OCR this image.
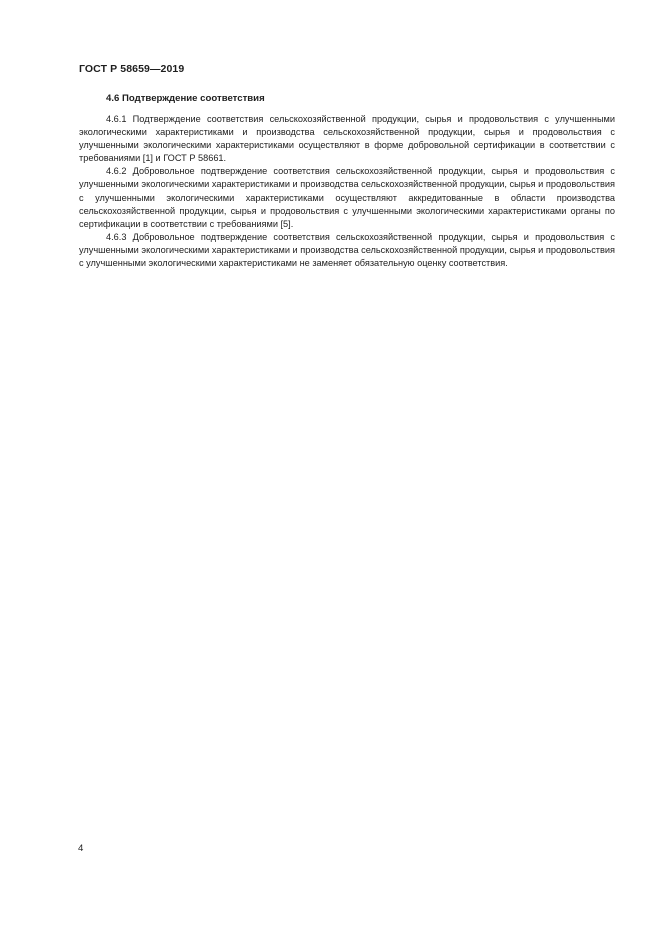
ГОСТ Р 58659—2019
4.6 Подтверждение соответствия

4.6.1 Подтверждение соответствия сельскохозяйственной продукции, сырья и продовольствия с улучшенными экологическими характеристиками и производства сельскохозяйственной продукции, сырья и продовольствия с улучшенными экологическими характеристиками осуществляют в форме добровольной сертификации в соответствии с требованиями [1] и ГОСТ Р 58661.

4.6.2 Добровольное подтверждение соответствия сельскохозяйственной продукции, сырья и продовольствия с улучшенными экологическими характеристиками и производства сельскохозяйственной продукции, сырья и продовольствия с улучшенными экологическими характеристиками осуществляют аккредитованные в области производства сельскохозяйственной продукции, сырья и продовольствия с улучшенными экологическими характеристиками органы по сертификации в соответствии с требованиями [5].

4.6.3 Добровольное подтверждение соответствия сельскохозяйственной продукции, сырья и продовольствия с улучшенными экологическими характеристиками и производства сельскохозяйственной продукции, сырья и продовольствия с улучшенными экологическими характеристиками не заменяет обязательную оценку соответствия.

4
